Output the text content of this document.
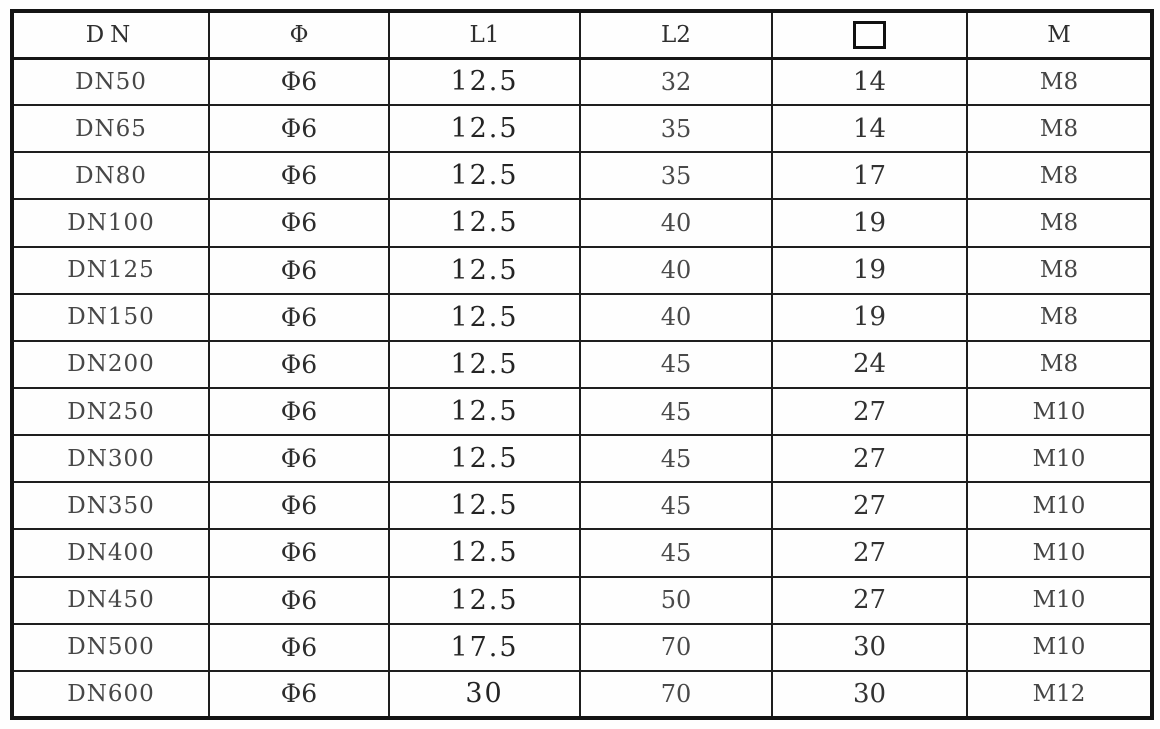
DN	Φ	L1	L2		M
DN50	Φ6	12.5	32	14	M8
DN65	Φ6	12.5	35	14	M8
DN80	Φ6	12.5	35	17	M8
DN100	Φ6	12.5	40	19	M8
DN125	Φ6	12.5	40	19	M8
DN150	Φ6	12.5	40	19	M8
DN200	Φ6	12.5	45	24	M8
DN250	Φ6	12.5	45	27	M10
DN300	Φ6	12.5	45	27	M10
DN350	Φ6	12.5	45	27	M10
DN400	Φ6	12.5	45	27	M10
DN450	Φ6	12.5	50	27	M10
DN500	Φ6	17.5	70	30	M10
DN600	Φ6	30	70	30	M12
